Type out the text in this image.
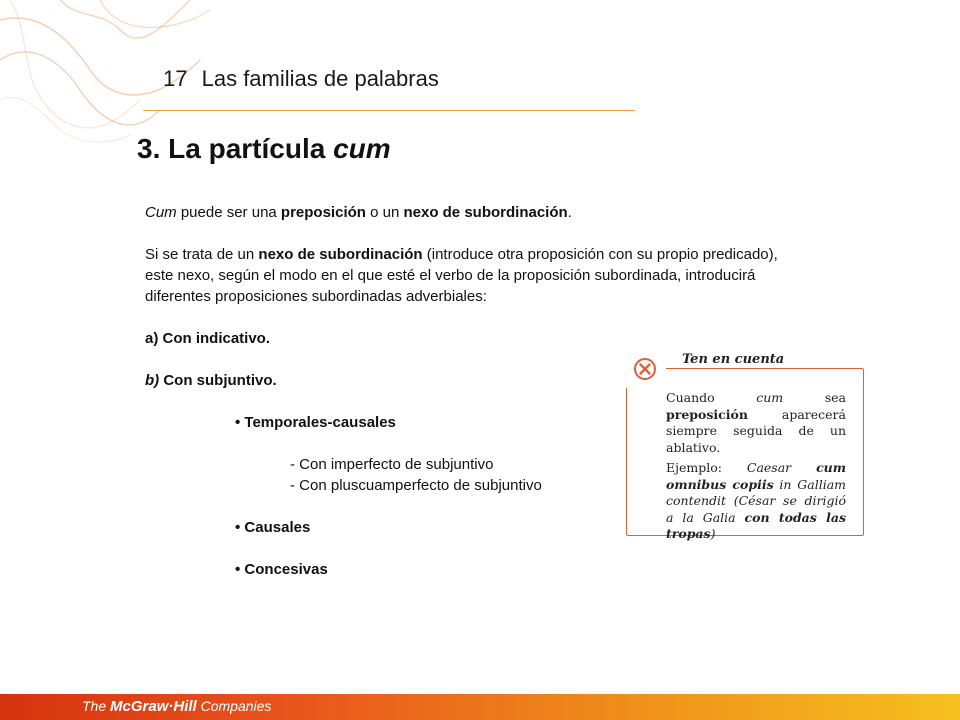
17 Las familias de palabras
3. La partícula cum

Cum puede ser una preposición o un nexo de subordinación.

Si se trata de un nexo de subordinación (introduce otra proposición con su propio predicado), este nexo, según el modo en el que esté el verbo de la proposición subordinada, introducirá diferentes proposiciones subordinadas adverbiales:

a) Con indicativo.

b) Con subjuntivo.

• Temporales-causales

- Con imperfecto de subjuntivo

- Con pluscuamperfecto de subjuntivo

• Causales

• Concesivas

Ten en cuenta

Cuando cum sea preposición aparecerá siempre seguida de un ablativo.

Ejemplo: Caesar cum omnibus copiis in Galliam contendit (César se dirigió a la Galia con todas las tropas)

The McGraw·Hill Companies
